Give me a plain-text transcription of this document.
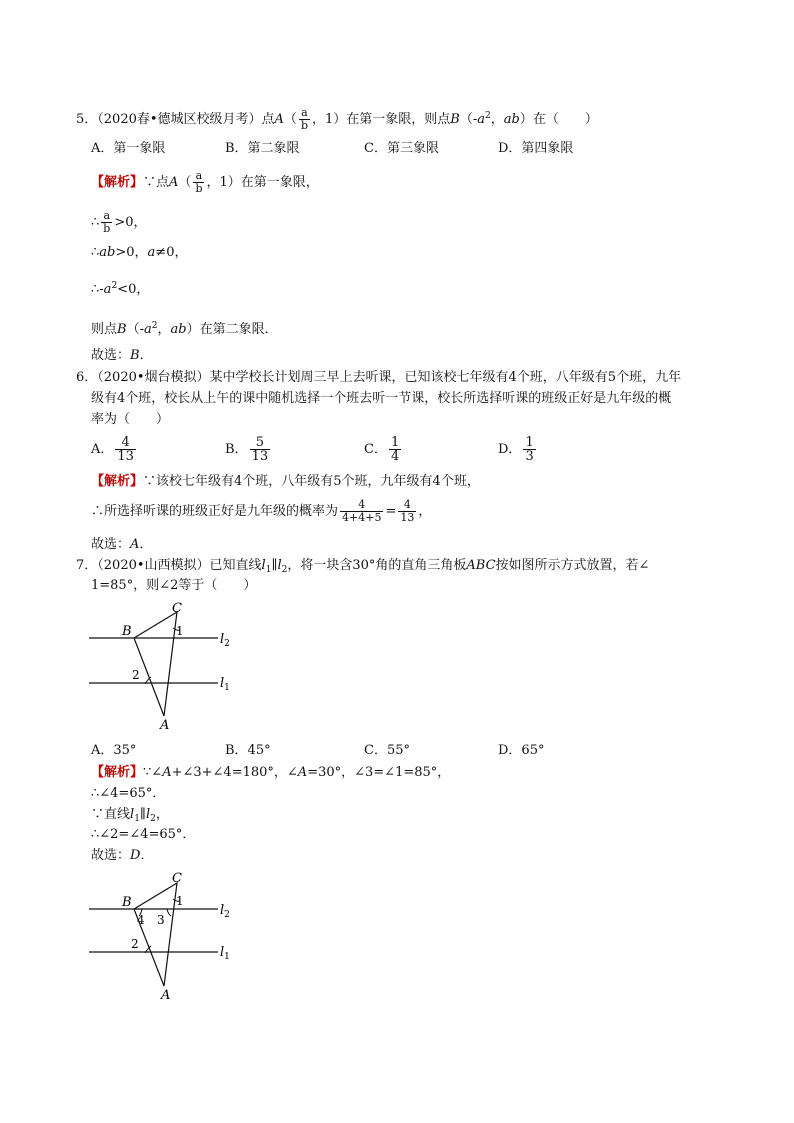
5．（2020春•德城区校级月考）点$A( \frac{a}{b}$ ，1）在第一象限，则点$B(-a^2$，ab）在（　　）
A．第一象限	B．第二象限	C．第三象限	D．第四象限
【解析】∵点$A( \frac{a}{b}$ ，1）在第一象限，
∴ $\frac{a}{b} >0$，
∴ab>0，a≠0，
$\therefore-a^2<0$，
则点$B(-a^2$，ab）在第二象限．
故选：B．
6．（2020•烟台模拟）某中学校长计划周三早上去听课，已知该校七年级有4个班，八年级有5个班，九年
级有4个班，校长从上午的课中随机选择一个班去听一节课，校长所选择听课的班级正好是九年级的概
率为（　　）
A． $\frac{4}{13}$	B． $\frac{5}{13}$	C． $\frac{1}{4}$	D． $\frac{1}{3}$
【解析】∵该校七年级有4个班，八年级有5个班，九年级有4个班，
∴所选择听课的班级正好是九年级的概率为 $\frac{4}{4+4+5} = \frac{4}{13}$ ，
故选：A．
7．（2020•山西模拟）已知直线$l_1\parallel l_2$，将一块含30°角的直角三角板ABC按如图所示方式放置，若∠
1=85°，则∠2等于（　　）
C
B
A
1
2
$l_2$
$l_1$
A．35°	B．45°	C．55°	D．65°
【解析】∵∠A+∠3+∠4=180°，∠A=30°，∠3=∠1=85°，
∴∠4=65°．
∵直线$l_1\parallel l_2$，
∴∠2=∠4=65°．
故选：D．
C
B
A
1
2
3
4
$l_2$
$l_1$
